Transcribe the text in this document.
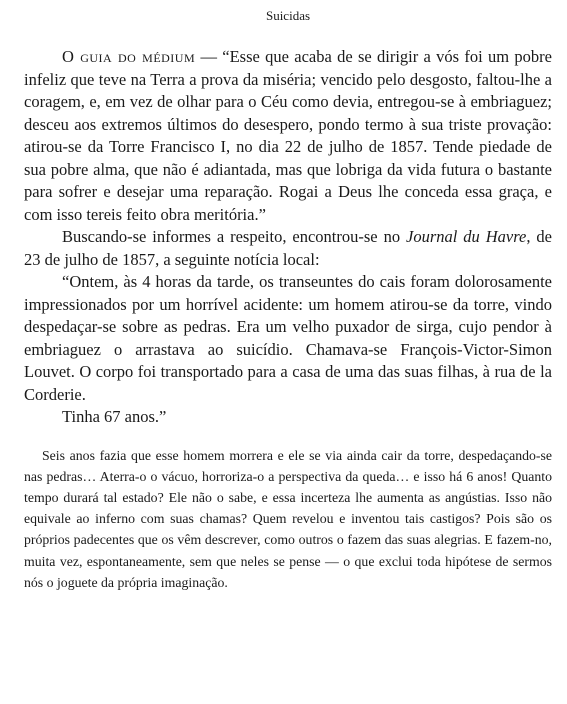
Suicidas

O guia do médium — “Esse que acaba de se dirigir a vós foi um pobre infeliz que teve na Terra a prova da miséria; vencido pelo desgosto, faltou-lhe a coragem, e, em vez de olhar para o Céu como devia, entregou-se à embriaguez; desceu aos extremos últimos do desespero, pondo termo à sua triste provação: atirou-se da Torre Francisco I, no dia 22 de julho de 1857. Tende piedade de sua pobre alma, que não é adiantada, mas que lobriga da vida futura o bastante para sofrer e desejar uma reparação. Rogai a Deus lhe conceda essa graça, e com isso tereis feito obra meritória.”

Buscando-se informes a respeito, encontrou-se no Journal du Havre, de 23 de julho de 1857, a seguinte notícia local:

“Ontem, às 4 horas da tarde, os transeuntes do cais foram dolorosamente impressionados por um horrível acidente: um homem atirou-se da torre, vindo despedaçar-se sobre as pedras. Era um velho puxador de sirga, cujo pendor à embriaguez o arrastava ao suicídio. Chamava-se François-Victor-Simon Louvet. O corpo foi transportado para a casa de uma das suas filhas, à rua de la Corderie.

Tinha 67 anos.”

Seis anos fazia que esse homem morrera e ele se via ainda cair da torre, despedaçando-se nas pedras… Aterra-o o vácuo, horroriza-o a perspectiva da queda… e isso há 6 anos! Quanto tempo durará tal estado? Ele não o sabe, e essa incerteza lhe aumenta as angústias. Isso não equivale ao inferno com suas chamas? Quem revelou e inventou tais castigos? Pois são os próprios padecentes que os vêm descrever, como outros o fazem das suas alegrias. E fazem-no, muita vez, espontaneamente, sem que neles se pense — o que exclui toda hipótese de sermos nós o joguete da própria imaginação.
